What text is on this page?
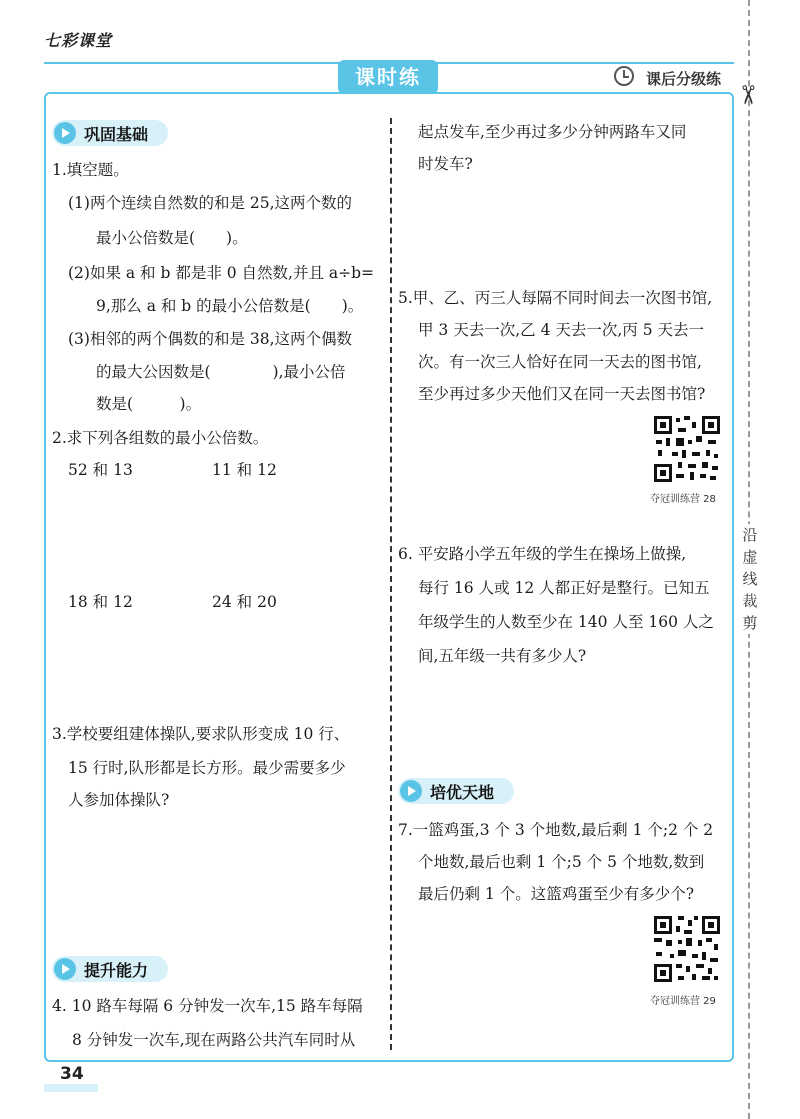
七彩课堂
课时练	课后分级练
✂
沿虚线裁剪
巩固基础
1.填空题。
(1)两个连续自然数的和是 25,这两个数的
最小公倍数是(　　)。
(2)如果 a 和 b 都是非 0 自然数,并且 a÷b=
9,那么 a 和 b 的最小公倍数是(　　)。
(3)相邻的两个偶数的和是 38,这两个偶数
的最大公因数是(　　　　),最小公倍
数是(　　　)。
2.求下列各组数的最小公倍数。
52 和 13	11 和 12
18 和 12	24 和 20
3.学校要组建体操队,要求队形变成 10 行、
15 行时,队形都是长方形。最少需要多少
人参加体操队?
提升能力
4. 10 路车每隔 6 分钟发一次车,15 路车每隔
8 分钟发一次车,现在两路公共汽车同时从
起点发车,至少再过多少分钟两路车又同
时发车?
5.甲、乙、丙三人每隔不同时间去一次图书馆,
甲 3 天去一次,乙 4 天去一次,丙 5 天去一
次。有一次三人恰好在同一天去的图书馆,
至少再过多少天他们又在同一天去图书馆?
夺冠训练营 28
6. 平安路小学五年级的学生在操场上做操,
每行 16 人或 12 人都正好是整行。已知五
年级学生的人数至少在 140 人至 160 人之
间,五年级一共有多少人?
培优天地
7.一篮鸡蛋,3 个 3 个地数,最后剩 1 个;2 个 2
个地数,最后也剩 1 个;5 个 5 个地数,数到
最后仍剩 1 个。这篮鸡蛋至少有多少个?
夺冠训练营 29
34
